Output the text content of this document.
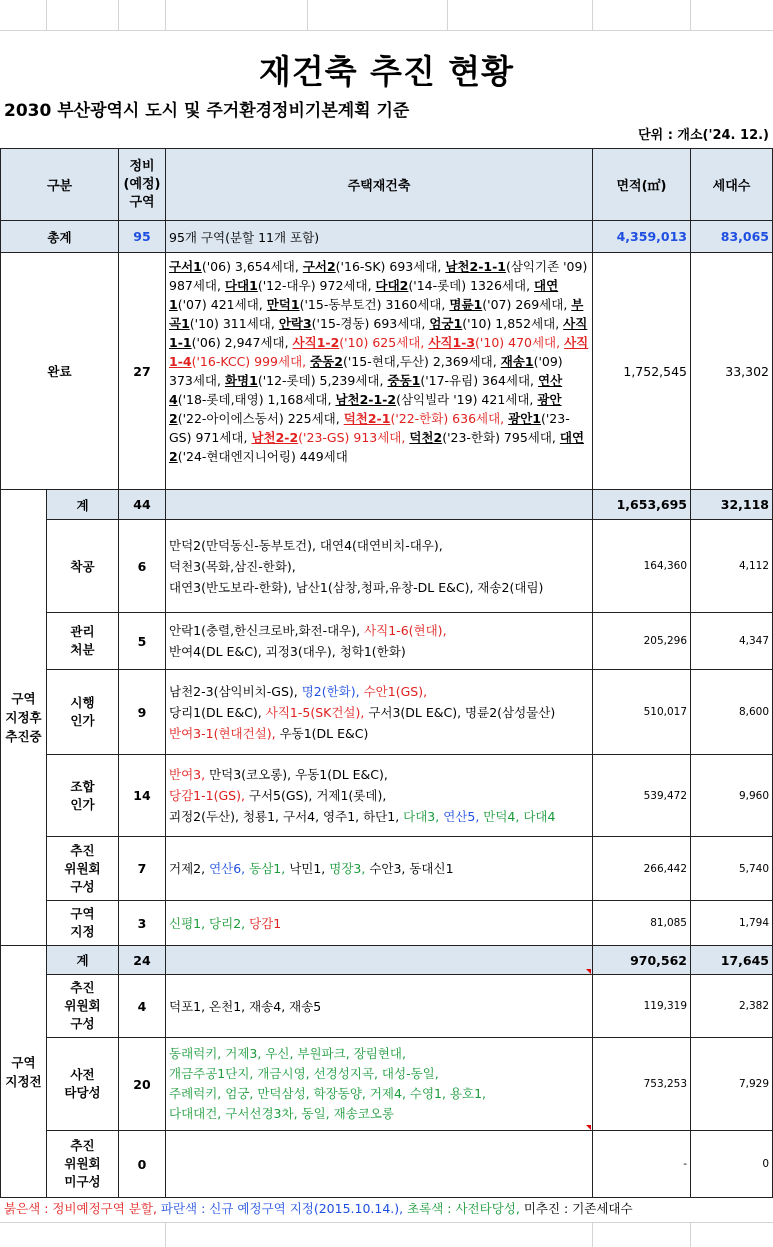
재건축 추진 현황
2030 부산광역시 도시 및 주거환경정비기본계획 기준
단위 : 개소('24. 12.)
구분		정비
(예정)
구역	주택재건축	면적(㎡)	세대수
총계		95	95개 구역(분할 11개 포함)	4,359,013	83,065
완료		27	구서1('06) 3,654세대, 구서2('16-SK) 693세대, 남천2-1-1(삼익기존 '09) 987세대, 다대1('12-대우) 972세대, 다대2('14-롯데) 1326세대, 대연1('07) 421세대, 만덕1('15-동부토건) 3160세대, 명륜1('07) 269세대, 부곡1('10) 311세대, 안락3('15-경동) 693세대, 엄궁1('10) 1,852세대, 사직1-1('06) 2,947세대, 사직1-2('10) 625세대, 사직1-3('10) 470세대, 사직1-4('16-KCC) 999세대, 중동2('15-현대,두산) 2,369세대, 재송1('09) 373세대, 화명1('12-롯데) 5,239세대, 중동1('17-유림) 364세대, 연산4('18-롯데,태영) 1,168세대, 남천2-1-2(삼익빌라 '19) 421세대, 광안2('22-아이에스동서) 225세대, 덕천2-1('22-한화) 636세대, 광안1('23-GS) 971세대, 남천2-2('23-GS) 913세대, 덕천2('23-한화) 795세대, 대연2('24-현대엔지니어링) 449세대	1,752,545	33,302
구역
지정후
추진중	계	44		1,653,695	32,118
	착공	6	만덕2(만덕동신-동부토건), 대연4(대연비치-대우),
덕천3(목화,삼진-한화),
대연3(반도보라-한화), 남산1(삼창,청파,유창-DL E&C), 재송2(대림)	164,360	4,112
	관리
처분	5	안락1(충렬,한신크로바,화전-대우), 사직1-6(현대),
반여4(DL E&C), 괴정3(대우), 청학1(한화)	205,296	4,347
	시행
인가	9	남천2-3(삼익비치-GS), 명2(한화), 수안1(GS),
당리1(DL E&C), 사직1-5(SK건설), 구서3(DL E&C), 명륜2(삼성물산)
반여3-1(현대건설), 우동1(DL E&C)	510,017	8,600
	조합
인가	14	반여3, 만덕3(코오롱), 우동1(DL E&C),
당감1-1(GS), 구서5(GS), 거제1(롯데),
괴정2(두산), 청룡1, 구서4, 영주1, 하단1, 다대3, 연산5, 만덕4, 다대4	539,472	9,960
	추진
위원회
구성	7	거제2, 연산6, 동삼1, 낙민1, 명장3, 수안3, 동대신1	266,442	5,740
	구역
지정	3	신평1, 당리2, 당감1	81,085	1,794
구역
지정전	계	24		970,562	17,645
	추진
위원회
구성	4	덕포1, 온천1, 재송4, 재송5	119,319	2,382
	사전
타당성	20	동래럭키, 거제3, 우신, 부원파크, 장림현대,
개금주공1단지, 개금시영, 선경성지곡, 대성-동일,
주례럭키, 엄궁, 만덕삼성, 학장동양, 거제4, 수영1, 용호1,
다대대건, 구서선경3차, 동일, 재송코오롱	753,253	7,929
	추진
위원회
미구성	0		-	0
붉은색 : 정비예정구역 분할, 파란색 : 신규 예정구역 지정(2015.10.14.), 초록색 : 사전타당성, 미추진 : 기존세대수
